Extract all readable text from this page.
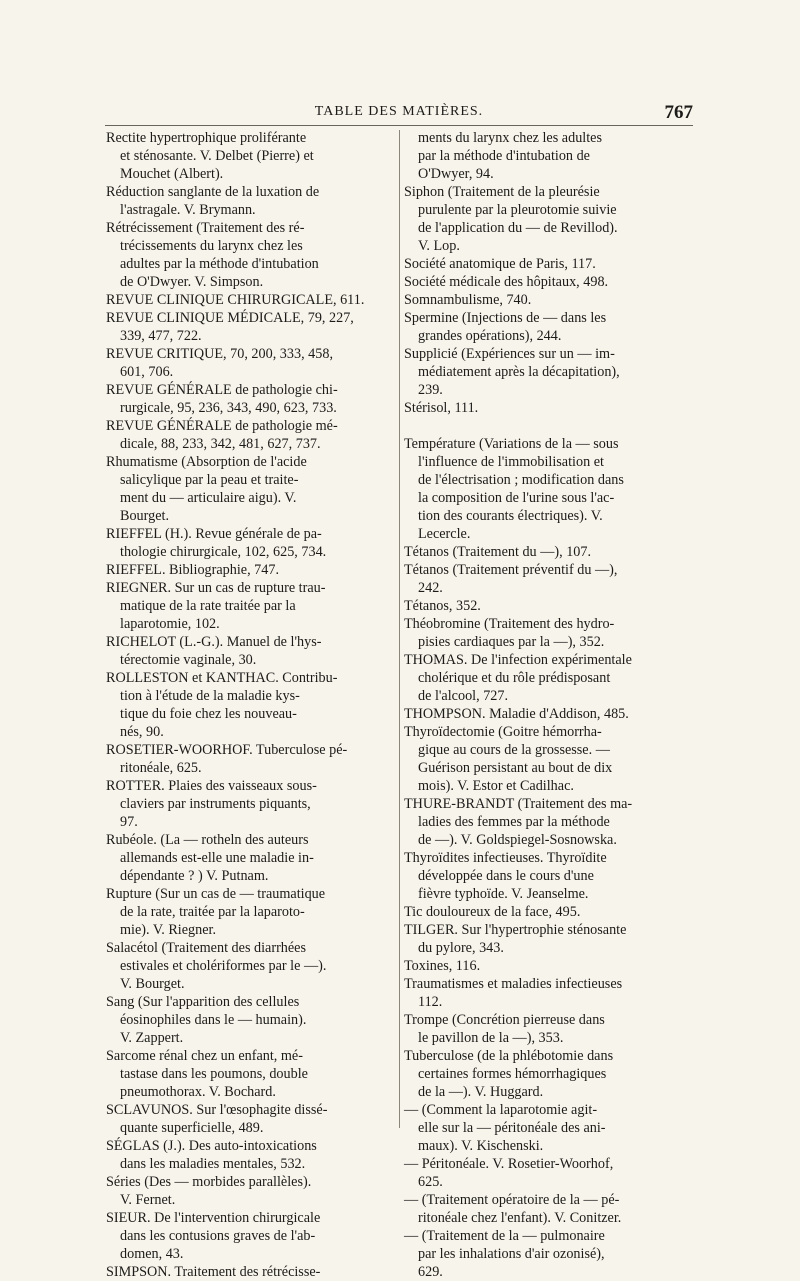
TABLE DES MATIÈRES.	767
Rectite hypertrophique proliférante
et sténosante. V. Delbet (Pierre) et
Mouchet (Albert).
Réduction sanglante de la luxation de
l'astragale. V. Brymann.
Rétrécissement (Traitement des ré-
trécissements du larynx chez les
adultes par la méthode d'intubation
de O'Dwyer. V. Simpson.
REVUE CLINIQUE CHIRURGICALE, 611.
REVUE CLINIQUE MÉDICALE, 79, 227,
339, 477, 722.
REVUE CRITIQUE, 70, 200, 333, 458,
601, 706.
REVUE GÉNÉRALE de pathologie chi-
rurgicale, 95, 236, 343, 490, 623, 733.
REVUE GÉNÉRALE de pathologie mé-
dicale, 88, 233, 342, 481, 627, 737.
Rhumatisme (Absorption de l'acide
salicylique par la peau et traite-
ment du — articulaire aigu). V.
Bourget.
RIEFFEL (H.). Revue générale de pa-
thologie chirurgicale, 102, 625, 734.
RIEFFEL. Bibliographie, 747.
RIEGNER. Sur un cas de rupture trau-
matique de la rate traitée par la
laparotomie, 102.
RICHELOT (L.-G.). Manuel de l'hys-
térectomie vaginale, 30.
ROLLESTON et KANTHAC. Contribu-
tion à l'étude de la maladie kys-
tique du foie chez les nouveau-
nés, 90.
ROSETIER-WOORHOF. Tuberculose pé-
ritonéale, 625.
ROTTER. Plaies des vaisseaux sous-
claviers par instruments piquants,
97.
Rubéole. (La — rotheln des auteurs
allemands est-elle une maladie in-
dépendante ? ) V. Putnam.
Rupture (Sur un cas de — traumatique
de la rate, traitée par la laparoto-
mie). V. Riegner.
Salacétol (Traitement des diarrhées
estivales et cholériformes par le —).
V. Bourget.
Sang (Sur l'apparition des cellules
éosinophiles dans le — humain).
V. Zappert.
Sarcome rénal chez un enfant, mé-
tastase dans les poumons, double
pneumothorax. V. Bochard.
SCLAVUNOS. Sur l'œsophagite dissé-
quante superficielle, 489.
SÉGLAS (J.). Des auto-intoxications
dans les maladies mentales, 532.
Séries (Des — morbides parallèles).
V. Fernet.
SIEUR. De l'intervention chirurgicale
dans les contusions graves de l'ab-
domen, 43.
SIMPSON. Traitement des rétrécisse-
ments du larynx chez les adultes
par la méthode d'intubation de
O'Dwyer, 94.
Siphon (Traitement de la pleurésie
purulente par la pleurotomie suivie
de l'application du — de Revillod).
V. Lop.
Société anatomique de Paris, 117.
Société médicale des hôpitaux, 498.
Somnambulisme, 740.
Spermine (Injections de — dans les
grandes opérations), 244.
Supplicié (Expériences sur un — im-
médiatement après la décapitation),
239.
Stérisol, 111.
Température (Variations de la — sous
l'influence de l'immobilisation et
de l'électrisation ; modification dans
la composition de l'urine sous l'ac-
tion des courants électriques). V.
Lecercle.
Tétanos (Traitement du —), 107.
Tétanos (Traitement préventif du —),
242.
Tétanos, 352.
Théobromine (Traitement des hydro-
pisies cardiaques par la —), 352.
THOMAS. De l'infection expérimentale
cholérique et du rôle prédisposant
de l'alcool, 727.
THOMPSON. Maladie d'Addison, 485.
Thyroïdectomie (Goitre hémorrha-
gique au cours de la grossesse. —
Guérison persistant au bout de dix
mois). V. Estor et Cadilhac.
THURE-BRANDT (Traitement des ma-
ladies des femmes par la méthode
de —). V. Goldspiegel-Sosnowska.
Thyroïdites infectieuses. Thyroïdite
développée dans le cours d'une
fièvre typhoïde. V. Jeanselme.
Tic douloureux de la face, 495.
TILGER. Sur l'hypertrophie sténosante
du pylore, 343.
Toxines, 116.
Traumatismes et maladies infectieuses
112.
Trompe (Concrétion pierreuse dans
le pavillon de la —), 353.
Tuberculose (de la phlébotomie dans
certaines formes hémorrhagiques
de la —). V. Huggard.
— (Comment la laparotomie agit-
elle sur la — péritonéale des ani-
maux). V. Kischenski.
— Péritonéale. V. Rosetier-Woorhof,
625.
— (Traitement opératoire de la — pé-
ritonéale chez l'enfant). V. Conitzer.
— (Traitement de la — pulmonaire
par les inhalations d'air ozonisé),
629.
